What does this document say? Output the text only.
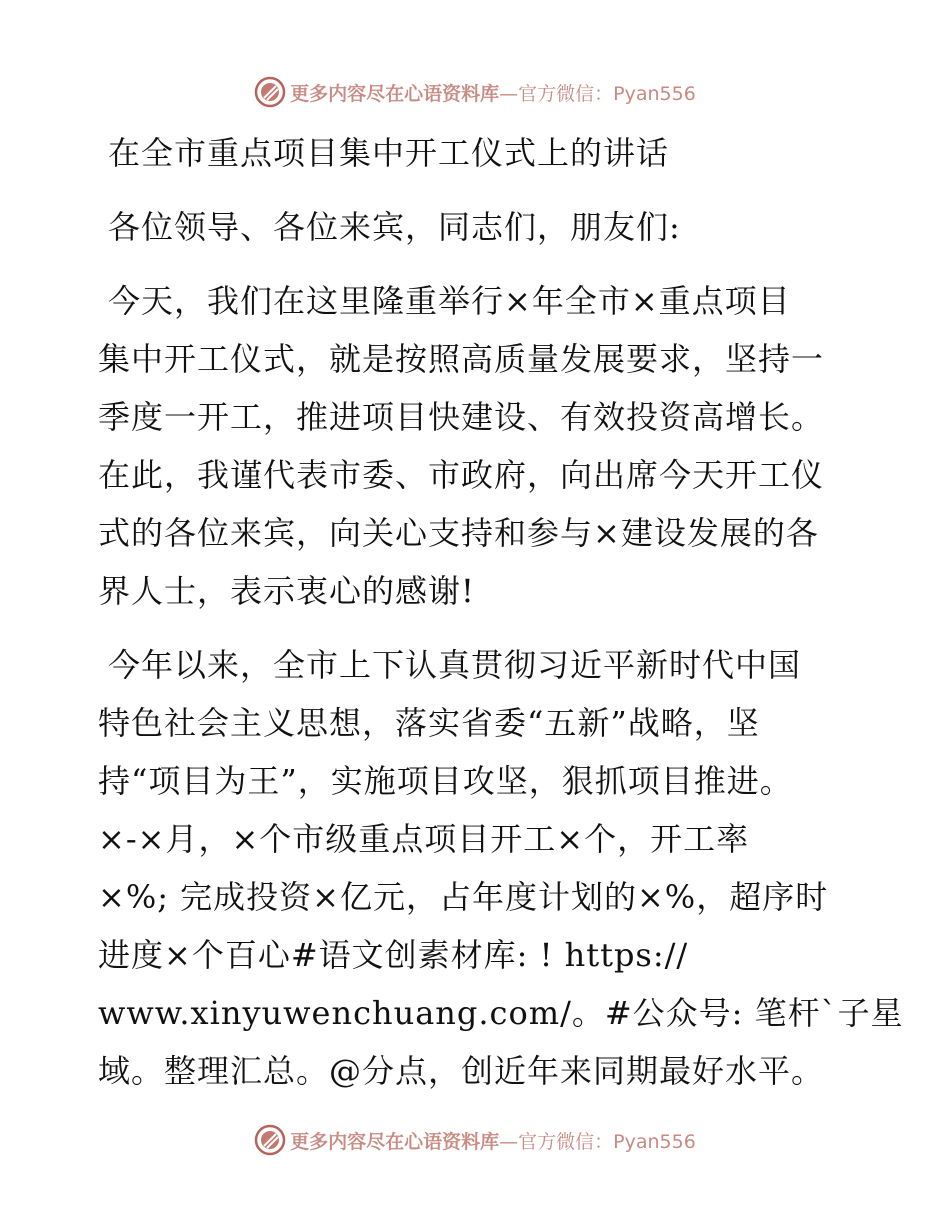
更多内容尽在心语资料库—官方微信：Pyan556
在全市重点项目集中开工仪式上的讲话
各位领导、各位来宾，同志们，朋友们:
今天，我们在这里隆重举行×年全市×重点项目
集中开工仪式，就是按照高质量发展要求，坚持一
季度一开工，推进项目快建设、有效投资高增长。
在此，我谨代表市委、市政府，向出席今天开工仪
式的各位来宾，向关心支持和参与×建设发展的各
界人士，表示衷心的感谢!
今年以来，全市上下认真贯彻习近平新时代中国
特色社会主义思想，落实省委“五新”战略，坚
持“项目为王”，实施项目攻坚，狠抓项目推进。
×-×月，×个市级重点项目开工×个，开工率
×%; 完成投资×亿元，占年度计划的×%，超序时
进度×个百心#语文创素材库: ! https://
www.xinyuwenchuang.com/。#公众号: 笔杆`子星
域。整理汇总。@分点，创近年来同期最好水平。
更多内容尽在心语资料库—官方微信：Pyan556
